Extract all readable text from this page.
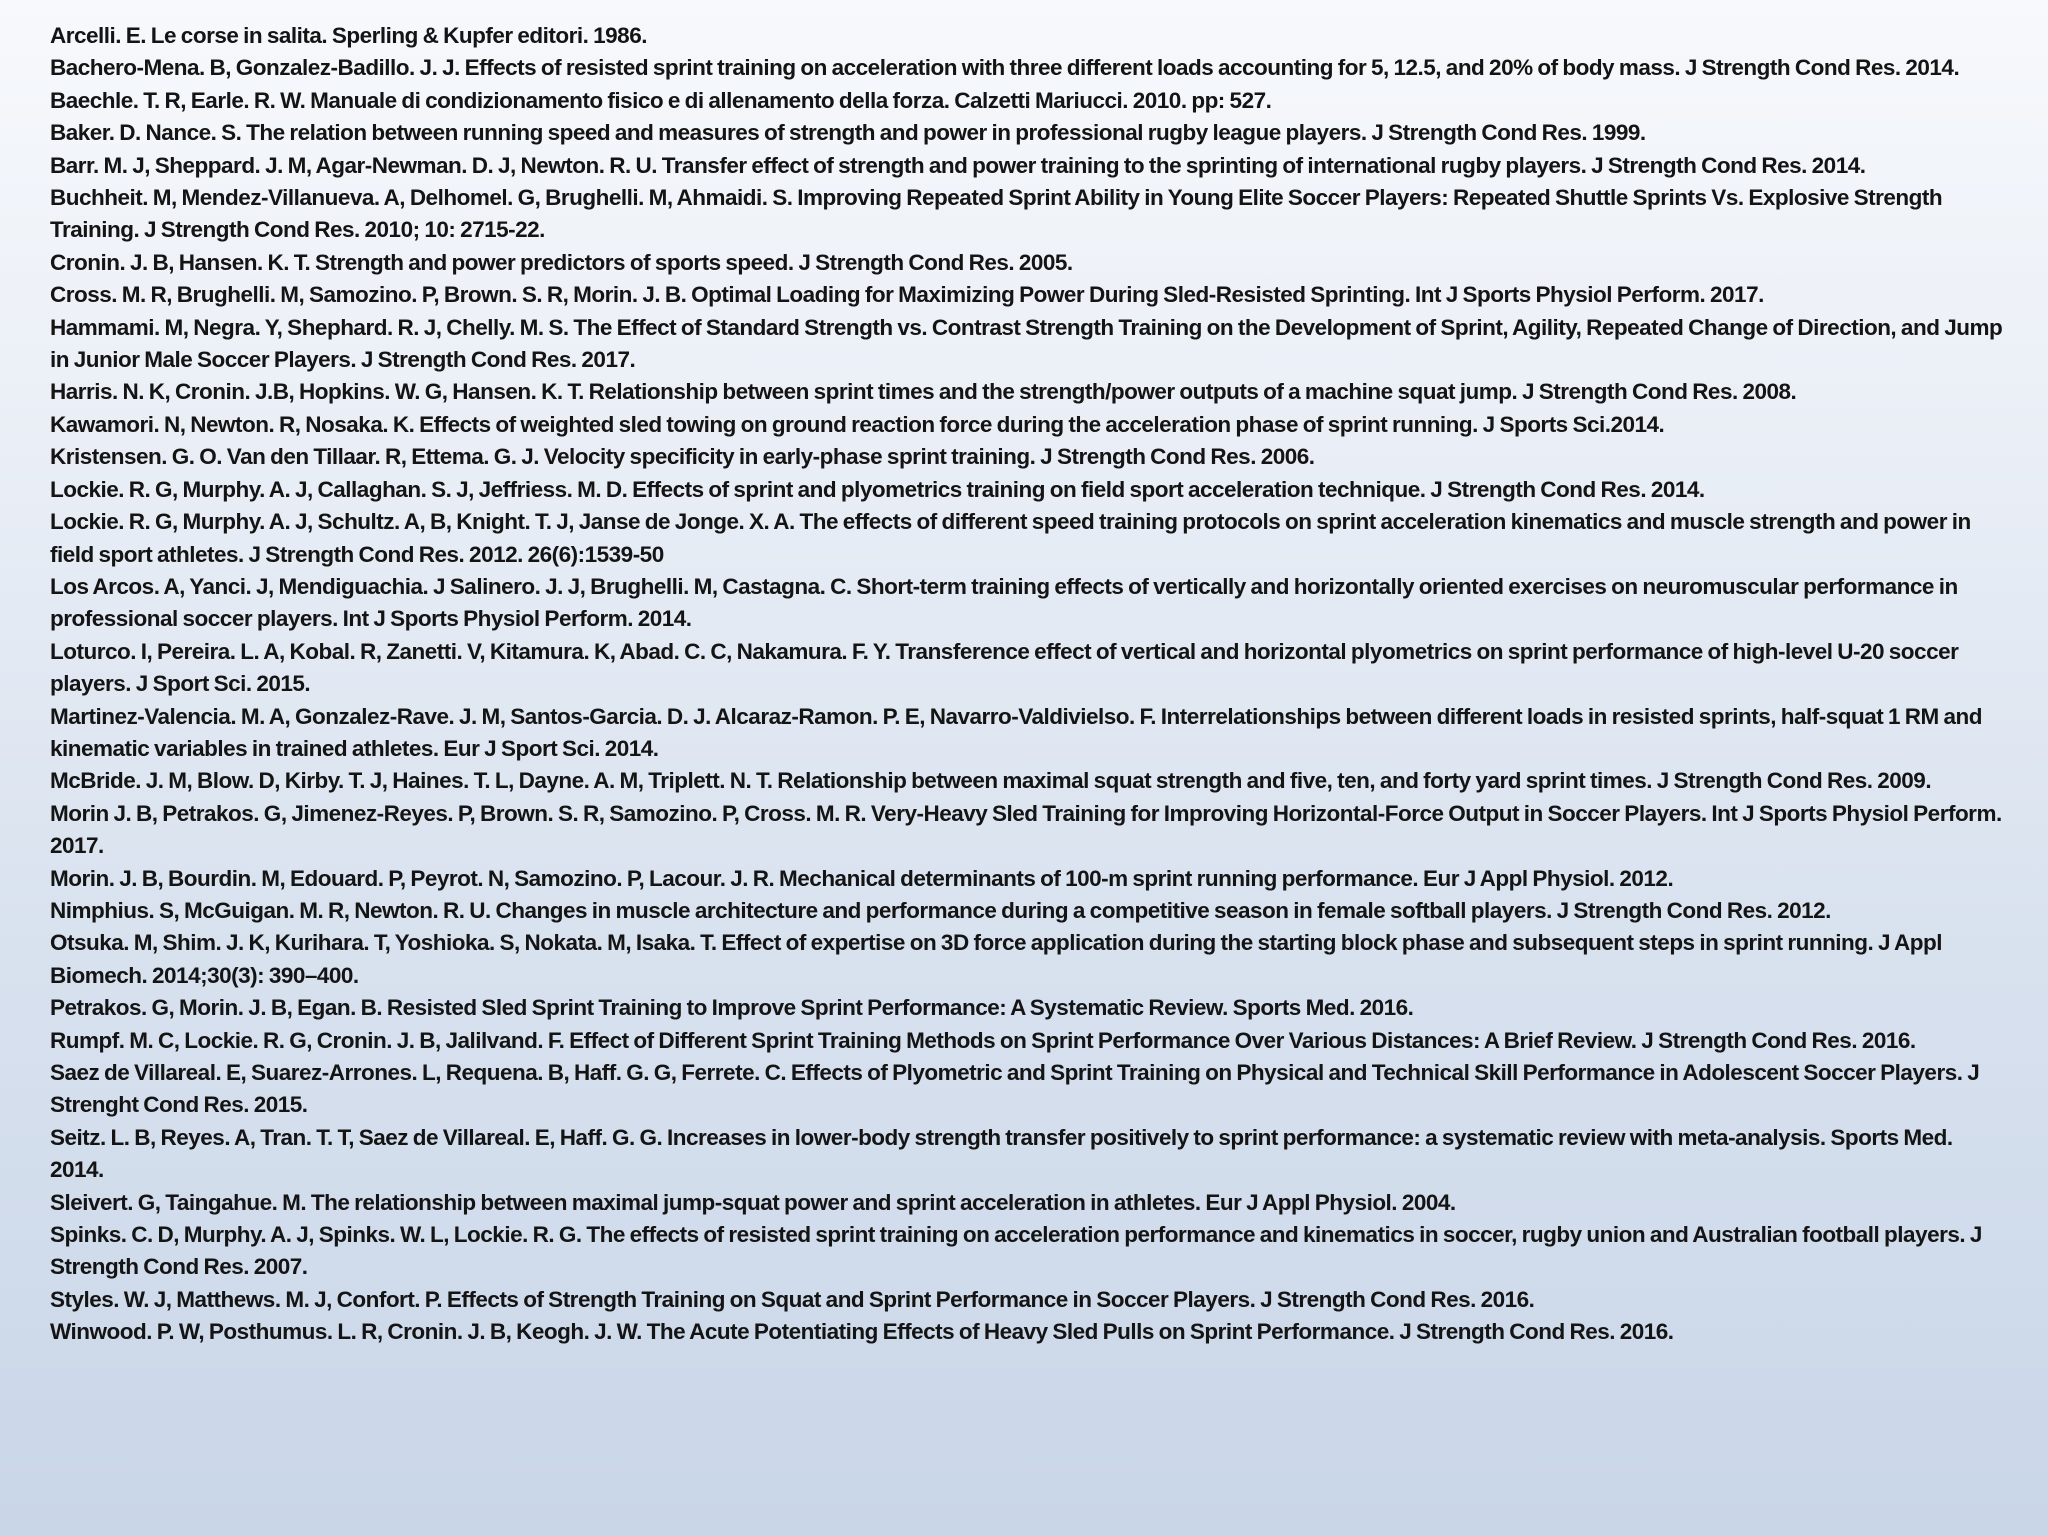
Arcelli. E. Le corse in salita. Sperling & Kupfer editori. 1986.
Bachero-Mena. B, Gonzalez-Badillo. J. J. Effects of resisted sprint training on acceleration with three different loads accounting for 5, 12.5, and 20% of body mass. J Strength Cond Res. 2014.
Baechle. T. R, Earle. R. W. Manuale di condizionamento fisico e di allenamento della forza. Calzetti Mariucci. 2010. pp: 527.
Baker. D. Nance. S. The relation between running speed and measures of strength and power in professional rugby league players. J Strength Cond Res. 1999.
Barr. M. J, Sheppard. J. M, Agar-Newman. D. J, Newton. R. U. Transfer effect of strength and power training to the sprinting of international rugby players. J Strength Cond Res. 2014.
Buchheit. M, Mendez-Villanueva. A, Delhomel. G, Brughelli. M, Ahmaidi. S. Improving Repeated Sprint Ability in Young Elite Soccer Players: Repeated Shuttle Sprints Vs. Explosive Strength Training. J Strength Cond Res. 2010; 10: 2715-22.
Cronin. J. B, Hansen. K. T. Strength and power predictors of sports speed. J Strength Cond Res. 2005.
Cross. M. R, Brughelli. M, Samozino. P, Brown. S. R, Morin. J. B. Optimal Loading for Maximizing Power During Sled-Resisted Sprinting. Int J Sports Physiol Perform. 2017.
Hammami. M, Negra. Y, Shephard. R. J, Chelly. M. S. The Effect of Standard Strength vs. Contrast Strength Training on the Development of Sprint, Agility, Repeated Change of Direction, and Jump in Junior Male Soccer Players. J Strength Cond Res. 2017.
Harris. N. K, Cronin. J.B, Hopkins. W. G, Hansen. K. T. Relationship between sprint times and the strength/power outputs of a machine squat jump. J Strength Cond Res. 2008.
Kawamori. N, Newton. R, Nosaka. K. Effects of weighted sled towing on ground reaction force during the acceleration phase of sprint running. J Sports Sci.2014.
Kristensen. G. O. Van den Tillaar. R, Ettema. G. J. Velocity specificity in early-phase sprint training. J Strength Cond Res. 2006.
Lockie. R. G, Murphy. A. J, Callaghan. S. J, Jeffriess. M. D. Effects of sprint and plyometrics training on field sport acceleration technique. J Strength Cond Res. 2014.
Lockie. R. G, Murphy. A. J, Schultz. A, B, Knight. T. J, Janse de Jonge. X. A. The effects of different speed training protocols on sprint acceleration kinematics and muscle strength and power in field sport athletes. J Strength Cond Res. 2012. 26(6):1539-50
Los Arcos. A, Yanci. J, Mendiguachia. J Salinero. J. J, Brughelli. M, Castagna. C. Short-term training effects of vertically and horizontally oriented exercises on neuromuscular performance in professional soccer players. Int J Sports Physiol Perform. 2014.
Loturco. I, Pereira. L. A, Kobal. R, Zanetti. V, Kitamura. K, Abad. C. C, Nakamura. F. Y. Transference effect of vertical and horizontal plyometrics on sprint performance of high-level U-20 soccer players. J Sport Sci. 2015.
Martinez-Valencia. M. A, Gonzalez-Rave. J. M, Santos-Garcia. D. J. Alcaraz-Ramon. P. E, Navarro-Valdivielso. F. Interrelationships between different loads in resisted sprints, half-squat 1 RM and kinematic variables in trained athletes. Eur J Sport Sci. 2014.
McBride. J. M, Blow. D, Kirby. T. J, Haines. T. L, Dayne. A. M, Triplett. N. T. Relationship between maximal squat strength and five, ten, and forty yard sprint times. J Strength Cond Res. 2009.
Morin J. B, Petrakos. G, Jimenez-Reyes. P, Brown. S. R, Samozino. P, Cross. M. R. Very-Heavy Sled Training for Improving Horizontal-Force Output in Soccer Players. Int J Sports Physiol Perform. 2017.
Morin. J. B, Bourdin. M, Edouard. P, Peyrot. N, Samozino. P, Lacour. J. R. Mechanical determinants of 100-m sprint running performance. Eur J Appl Physiol. 2012.
Nimphius. S, McGuigan. M. R, Newton. R. U. Changes in muscle architecture and performance during a competitive season in female softball players. J Strength Cond Res. 2012.
Otsuka. M, Shim. J. K, Kurihara. T, Yoshioka. S, Nokata. M, Isaka. T. Effect of expertise on 3D force application during the starting block phase and subsequent steps in sprint running. J Appl Biomech. 2014;30(3): 390–400.
Petrakos. G, Morin. J. B, Egan. B. Resisted Sled Sprint Training to Improve Sprint Performance: A Systematic Review. Sports Med. 2016.
Rumpf. M. C, Lockie. R. G, Cronin. J. B, Jalilvand. F. Effect of Different Sprint Training Methods on Sprint Performance Over Various Distances: A Brief Review. J Strength Cond Res. 2016.
Saez de Villareal. E, Suarez-Arrones. L, Requena. B, Haff. G. G, Ferrete. C. Effects of Plyometric and Sprint Training on Physical and Technical Skill Performance in Adolescent Soccer Players. J Strenght Cond Res. 2015.
Seitz. L. B, Reyes. A, Tran. T. T, Saez de Villareal. E, Haff. G. G. Increases in lower-body strength transfer positively to sprint performance: a systematic review with meta-analysis. Sports Med. 2014.
Sleivert. G, Taingahue. M. The relationship between maximal jump-squat power and sprint acceleration in athletes. Eur J Appl Physiol. 2004.
Spinks. C. D, Murphy. A. J, Spinks. W. L, Lockie. R. G. The effects of resisted sprint training on acceleration performance and kinematics in soccer, rugby union and Australian football players. J Strength Cond Res. 2007.
Styles. W. J, Matthews. M. J, Confort. P. Effects of Strength Training on Squat and Sprint Performance in Soccer Players. J Strength Cond Res. 2016.
Winwood. P. W, Posthumus. L. R, Cronin. J. B, Keogh. J. W. The Acute Potentiating Effects of Heavy Sled Pulls on Sprint Performance. J Strength Cond Res. 2016.
